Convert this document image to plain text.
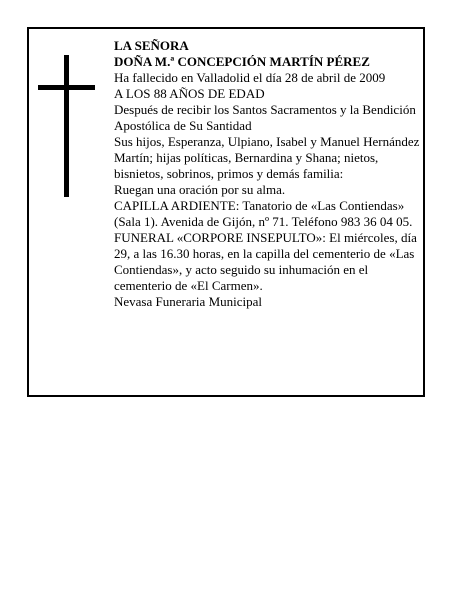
LA SEÑORA
DOÑA M.ª CONCEPCIÓN MARTÍN PÉREZ
Ha fallecido en Valladolid el día 28 de abril de 2009
A LOS 88 AÑOS DE EDAD
Después de recibir los Santos Sacramentos y la Bendición Apostólica de Su Santidad
Sus hijos, Esperanza, Ulpiano, Isabel y Manuel Hernández Martín; hijas políticas, Bernardina y Shana; nietos, bisnietos, sobrinos, primos y demás familia:
Ruegan una oración por su alma.
CAPILLA ARDIENTE: Tanatorio de «Las Contiendas» (Sala 1). Avenida de Gijón, nº 71. Teléfono 983 36 04 05.
FUNERAL «CORPORE INSEPULTO»: El miércoles, día 29, a las 16.30 horas, en la capilla del cementerio de «Las Contiendas», y acto seguido su inhumación en el cementerio de «El Carmen».
Nevasa Funeraria Municipal
